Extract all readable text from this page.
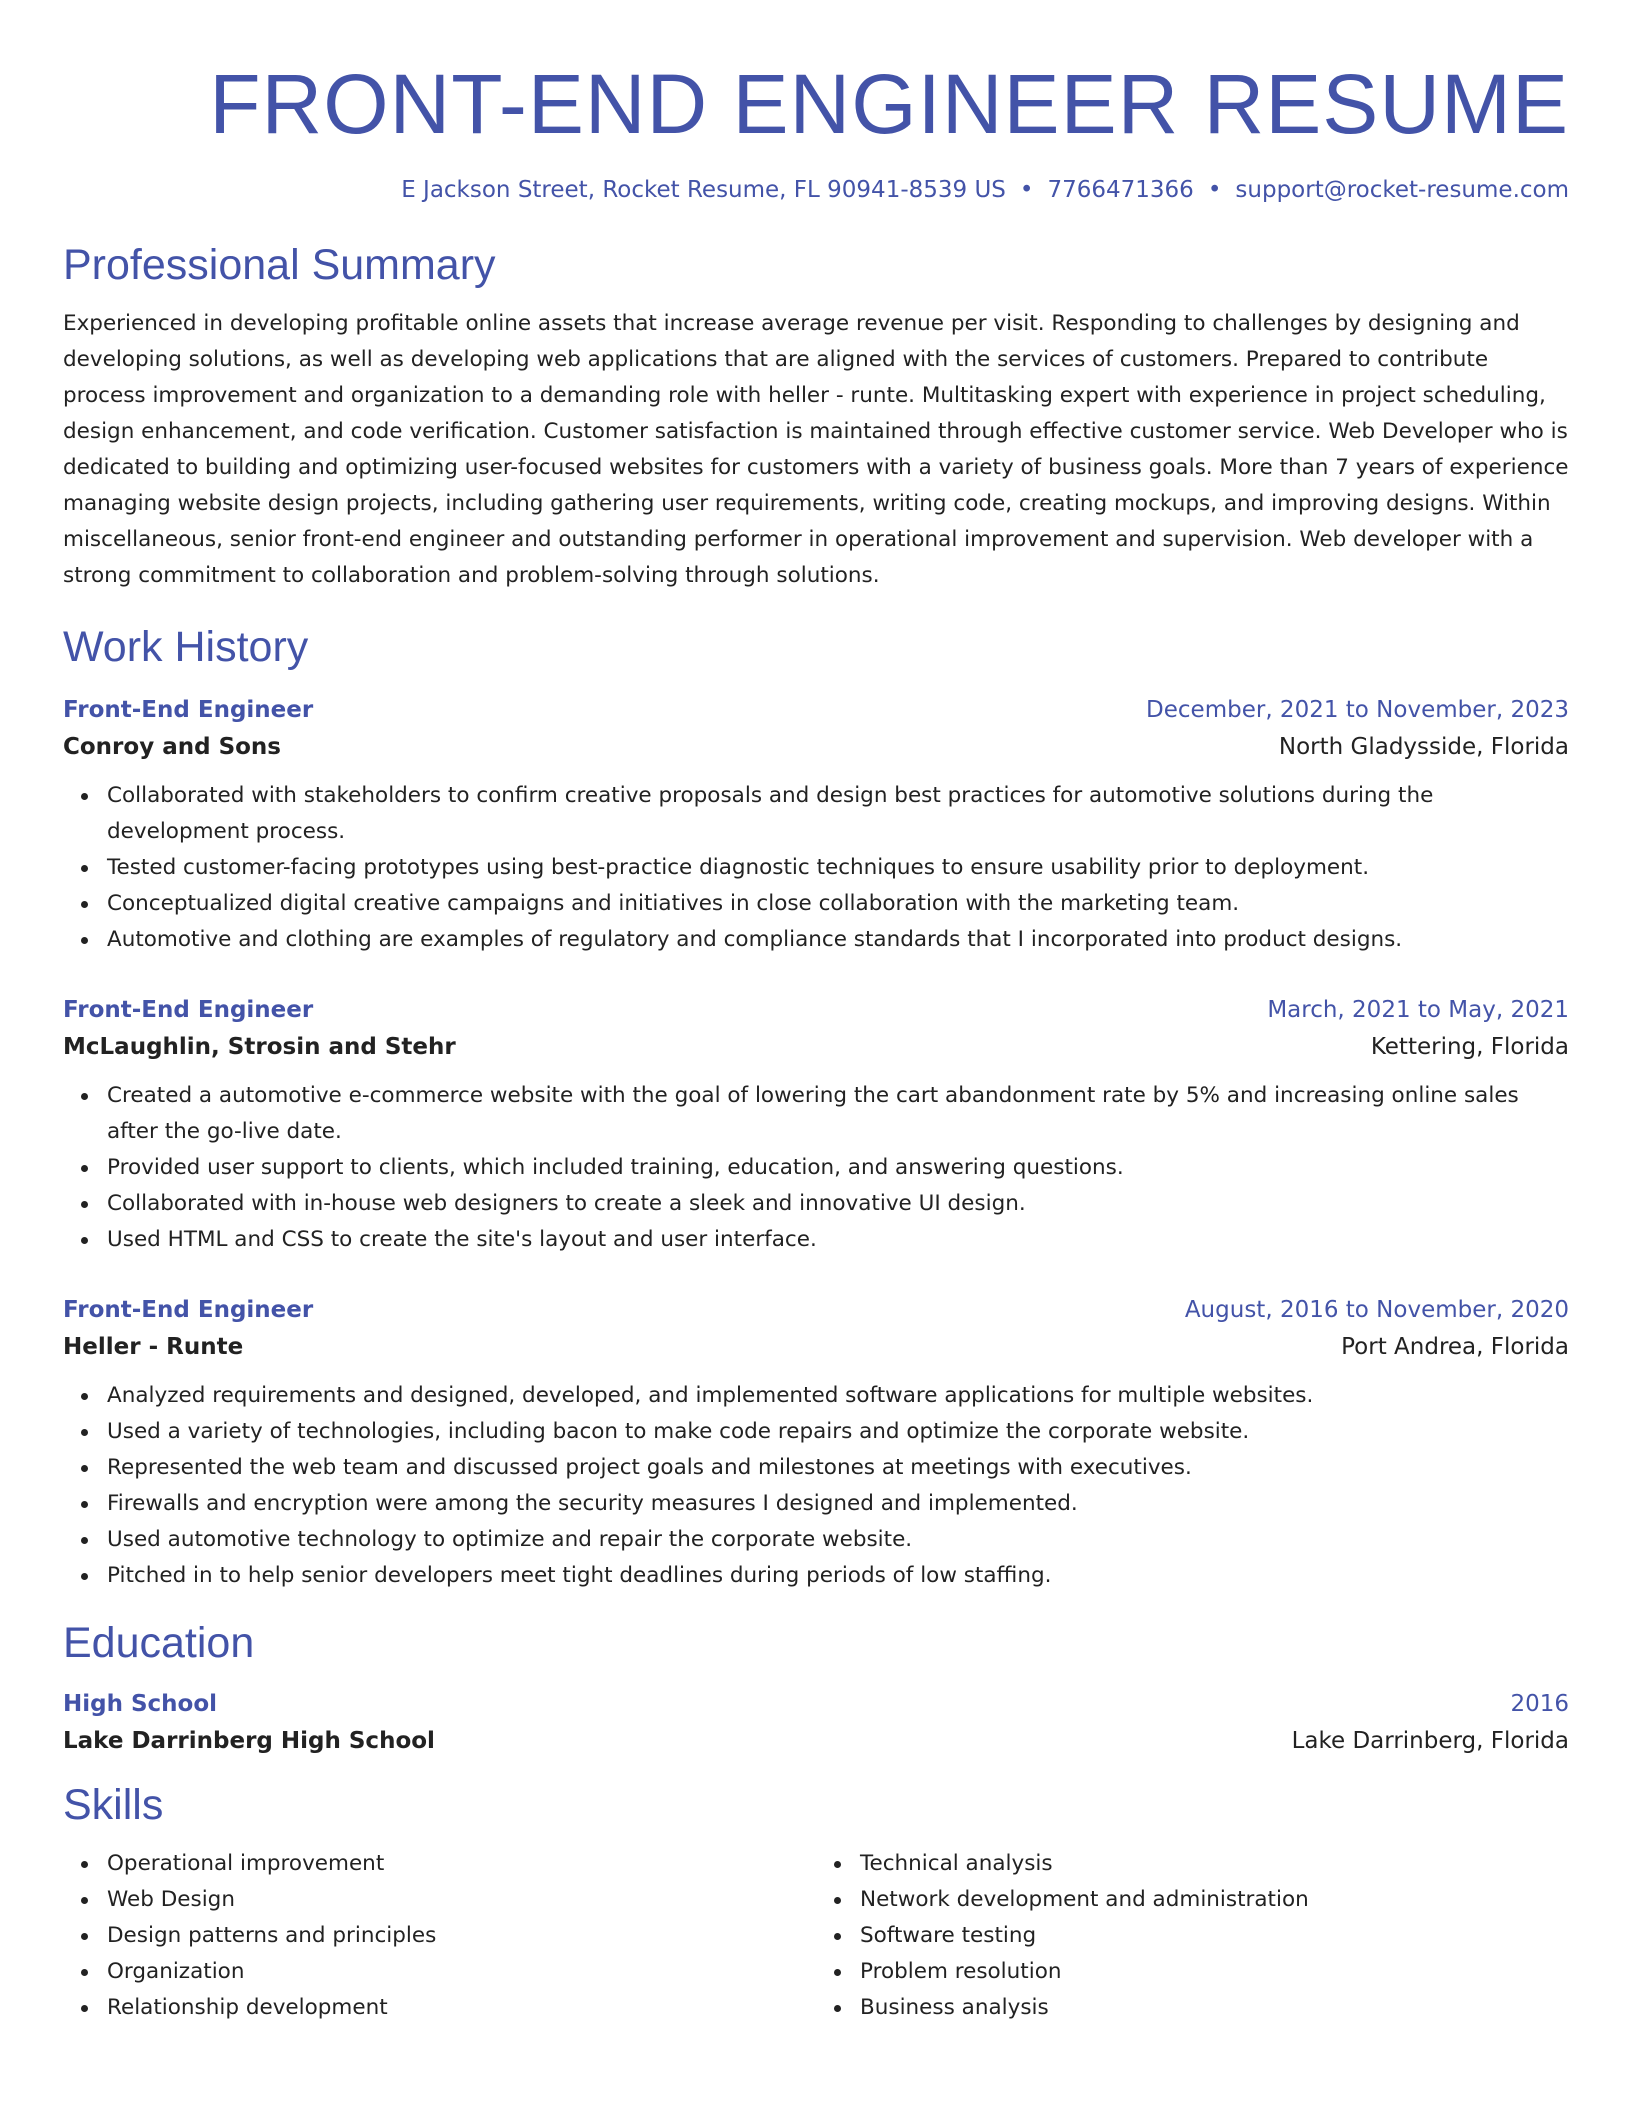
FRONT-END ENGINEER RESUME
E Jackson Street, Rocket Resume, FL 90941-8539 US • 7766471366 • support@rocket-resume.com
Professional Summary
Experienced in developing profitable online assets that increase average revenue per visit. Responding to challenges by designing and developing solutions, as well as developing web applications that are aligned with the services of customers. Prepared to contribute process improvement and organization to a demanding role with heller - runte. Multitasking expert with experience in project scheduling, design enhancement, and code verification. Customer satisfaction is maintained through effective customer service. Web Developer who is dedicated to building and optimizing user-focused websites for customers with a variety of business goals. More than 7 years of experience managing website design projects, including gathering user requirements, writing code, creating mockups, and improving designs. Within miscellaneous, senior front-end engineer and outstanding performer in operational improvement and supervision. Web developer with a strong commitment to collaboration and problem-solving through solutions.
Work History
Front-End Engineer	December, 2021 to November, 2023
Conroy and Sons	North Gladysside, Florida
Collaborated with stakeholders to confirm creative proposals and design best practices for automotive solutions during the development process.
Tested customer-facing prototypes using best-practice diagnostic techniques to ensure usability prior to deployment.
Conceptualized digital creative campaigns and initiatives in close collaboration with the marketing team.
Automotive and clothing are examples of regulatory and compliance standards that I incorporated into product designs.
Front-End Engineer	March, 2021 to May, 2021
McLaughlin, Strosin and Stehr	Kettering, Florida
Created a automotive e-commerce website with the goal of lowering the cart abandonment rate by 5% and increasing online sales after the go-live date.
Provided user support to clients, which included training, education, and answering questions.
Collaborated with in-house web designers to create a sleek and innovative UI design.
Used HTML and CSS to create the site's layout and user interface.
Front-End Engineer	August, 2016 to November, 2020
Heller - Runte	Port Andrea, Florida
Analyzed requirements and designed, developed, and implemented software applications for multiple websites.
Used a variety of technologies, including bacon to make code repairs and optimize the corporate website.
Represented the web team and discussed project goals and milestones at meetings with executives.
Firewalls and encryption were among the security measures I designed and implemented.
Used automotive technology to optimize and repair the corporate website.
Pitched in to help senior developers meet tight deadlines during periods of low staffing.
Education
High School	2016
Lake Darrinberg High School	Lake Darrinberg, Florida
Skills
Operational improvement
Web Design
Design patterns and principles
Organization
Relationship development
Technical analysis
Network development and administration
Software testing
Problem resolution
Business analysis
